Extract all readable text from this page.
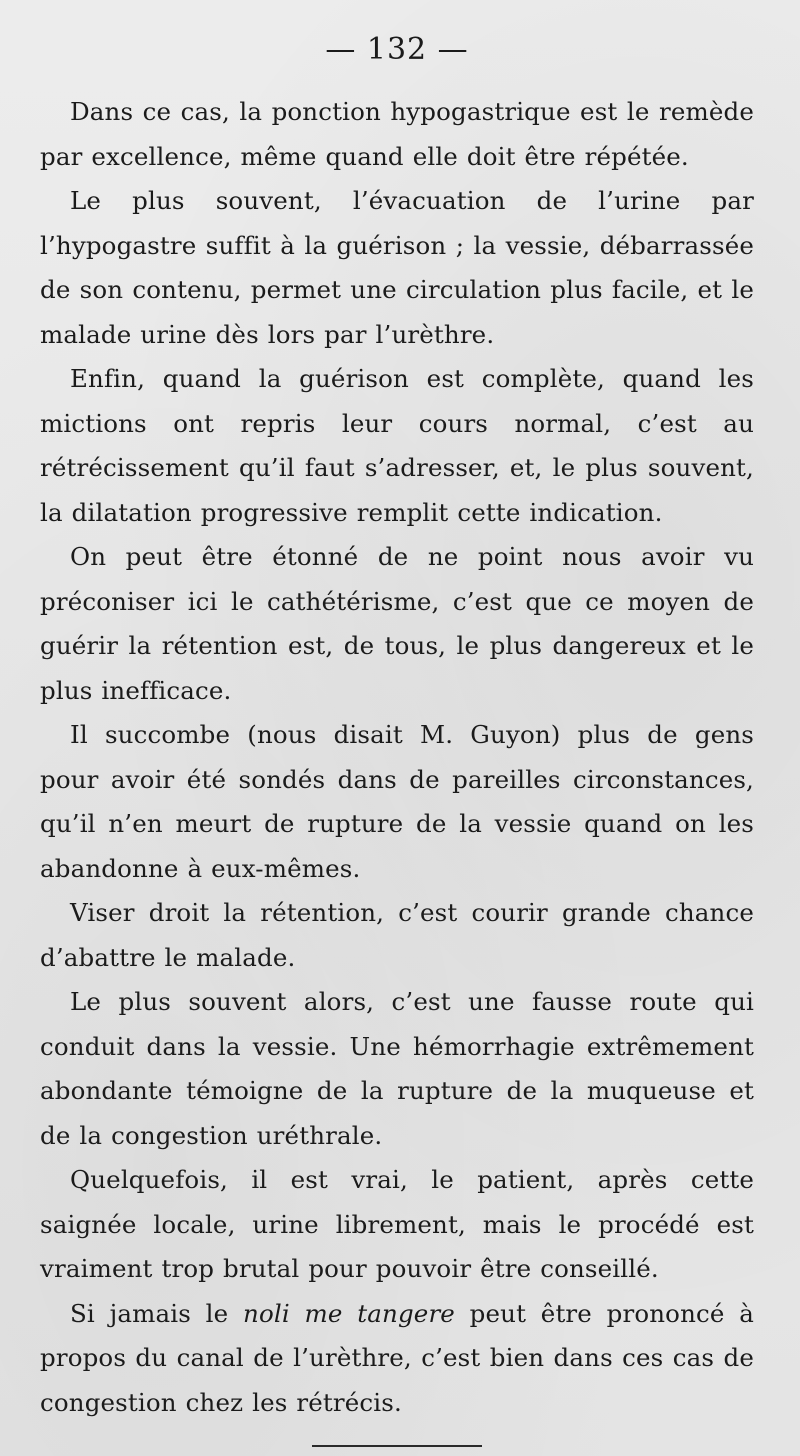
— 132 —

Dans ce cas, la ponction hypogastrique est le remède par excellence, même quand elle doit être répétée.

Le plus souvent, l’évacuation de l’urine par l’hypogastre suffit à la guérison ; la vessie, débarrassée de son contenu, permet une circulation plus facile, et le malade urine dès lors par l’urèthre.

Enfin, quand la guérison est complète, quand les mictions ont repris leur cours normal, c’est au rétrécissement qu’il faut s’adresser, et, le plus souvent, la dilatation progressive remplit cette indication.

On peut être étonné de ne point nous avoir vu préconiser ici le cathétérisme, c’est que ce moyen de guérir la rétention est, de tous, le plus dangereux et le plus inefficace.

Il succombe (nous disait M. Guyon) plus de gens pour avoir été sondés dans de pareilles circonstances, qu’il n’en meurt de rupture de la vessie quand on les abandonne à eux-mêmes.

Viser droit la rétention, c’est courir grande chance d’abattre le malade.

Le plus souvent alors, c’est une fausse route qui conduit dans la vessie. Une hémorrhagie extrêmement abondante témoigne de la rupture de la muqueuse et de la congestion uréthrale.

Quelquefois, il est vrai, le patient, après cette saignée locale, urine librement, mais le procédé est vraiment trop brutal pour pouvoir être conseillé.

Si jamais le noli me tangere peut être prononcé à propos du canal de l’urèthre, c’est bien dans ces cas de congestion chez les rétrécis.
